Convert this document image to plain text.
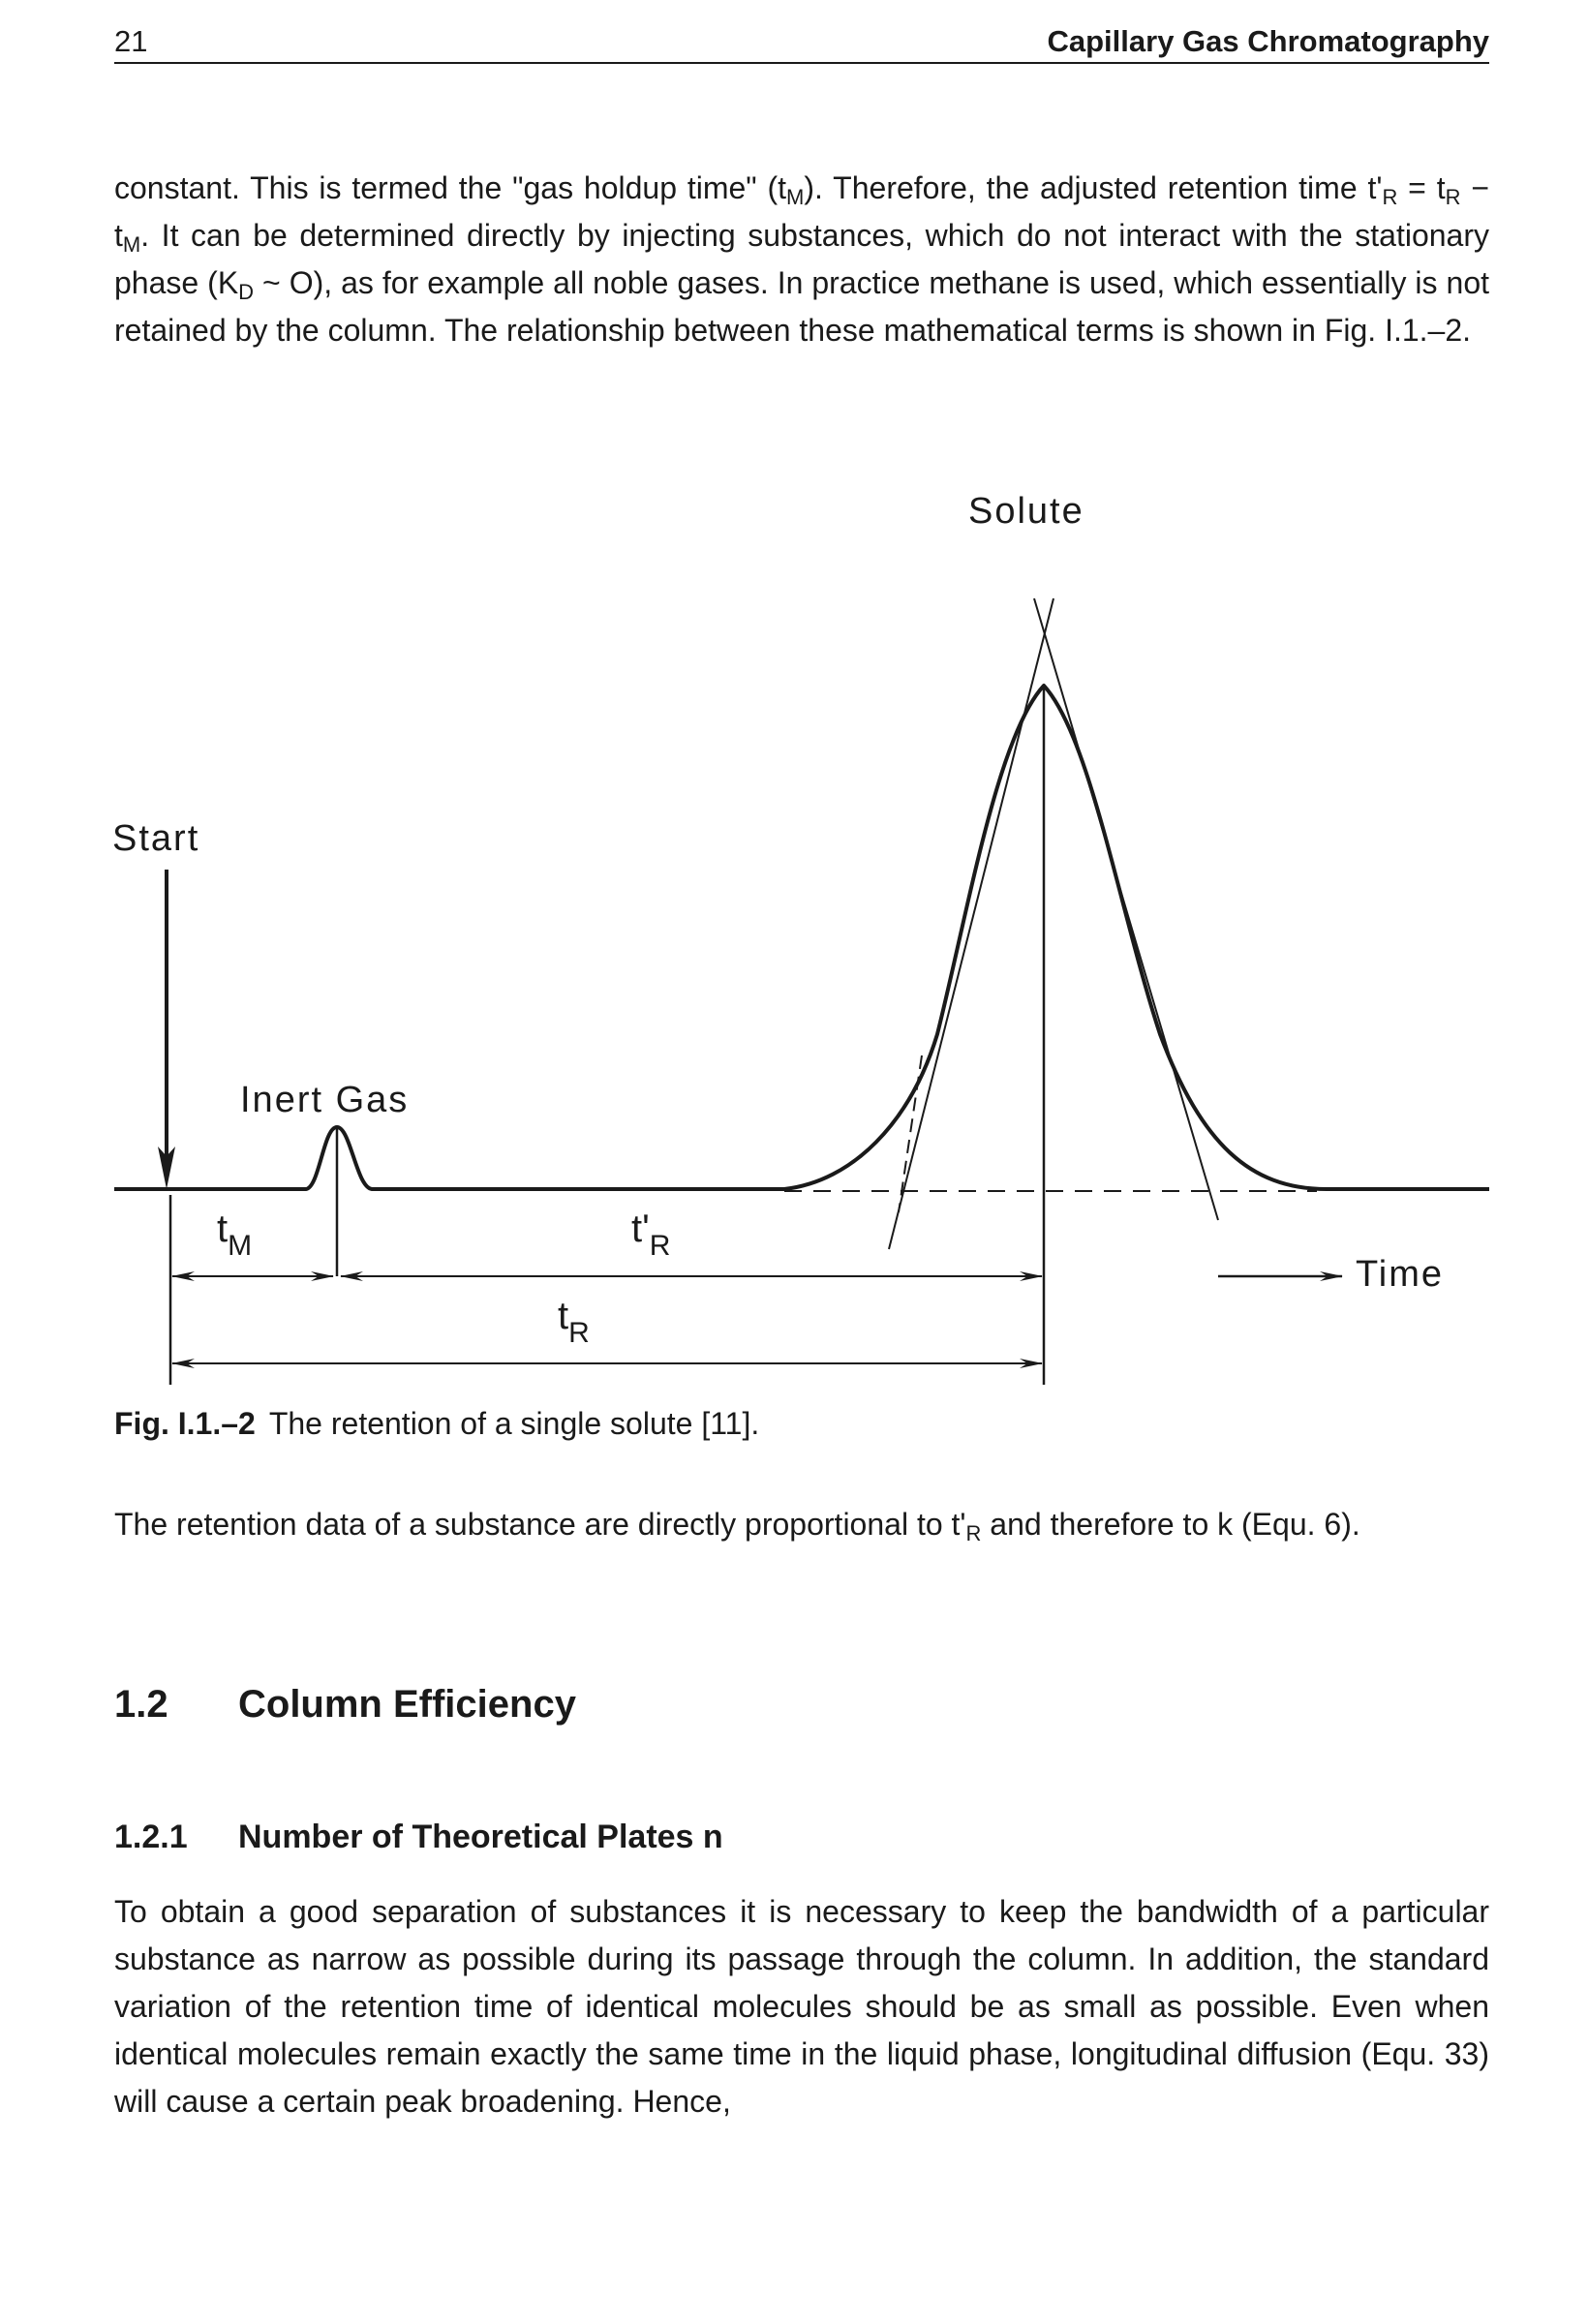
21	Capillary Gas Chromatography

constant. This is termed the "gas holdup time" $(t_M)$. Therefore, the adjusted retention time $t'_R = t_R - t_M$. It can be determined directly by injecting substances, which do not interact with the stationary phase ($K_D$ ~ O), as for example all noble gases. In practice methane is used, which essentially is not retained by the column. The relationship between these mathematical terms is shown in Fig. I.1.–2.

Solute
Start
Inert Gas
Time
$t_M$	$t'_R$
$t_R$

Fig. I.1.–2 The retention of a single solute [11].

The retention data of a substance are directly proportional to $t'_R$ and therefore to k (Equ. 6).

1.2 Column Efficiency
1.2.1 Number of Theoretical Plates n

To obtain a good separation of substances it is necessary to keep the bandwidth of a particular substance as narrow as possible during its passage through the column. In addition, the standard variation of the retention time of identical molecules should be as small as possible. Even when identical molecules remain exactly the same time in the liquid phase, longitudinal diffusion (Equ. 33) will cause a certain peak broadening. Hence,
